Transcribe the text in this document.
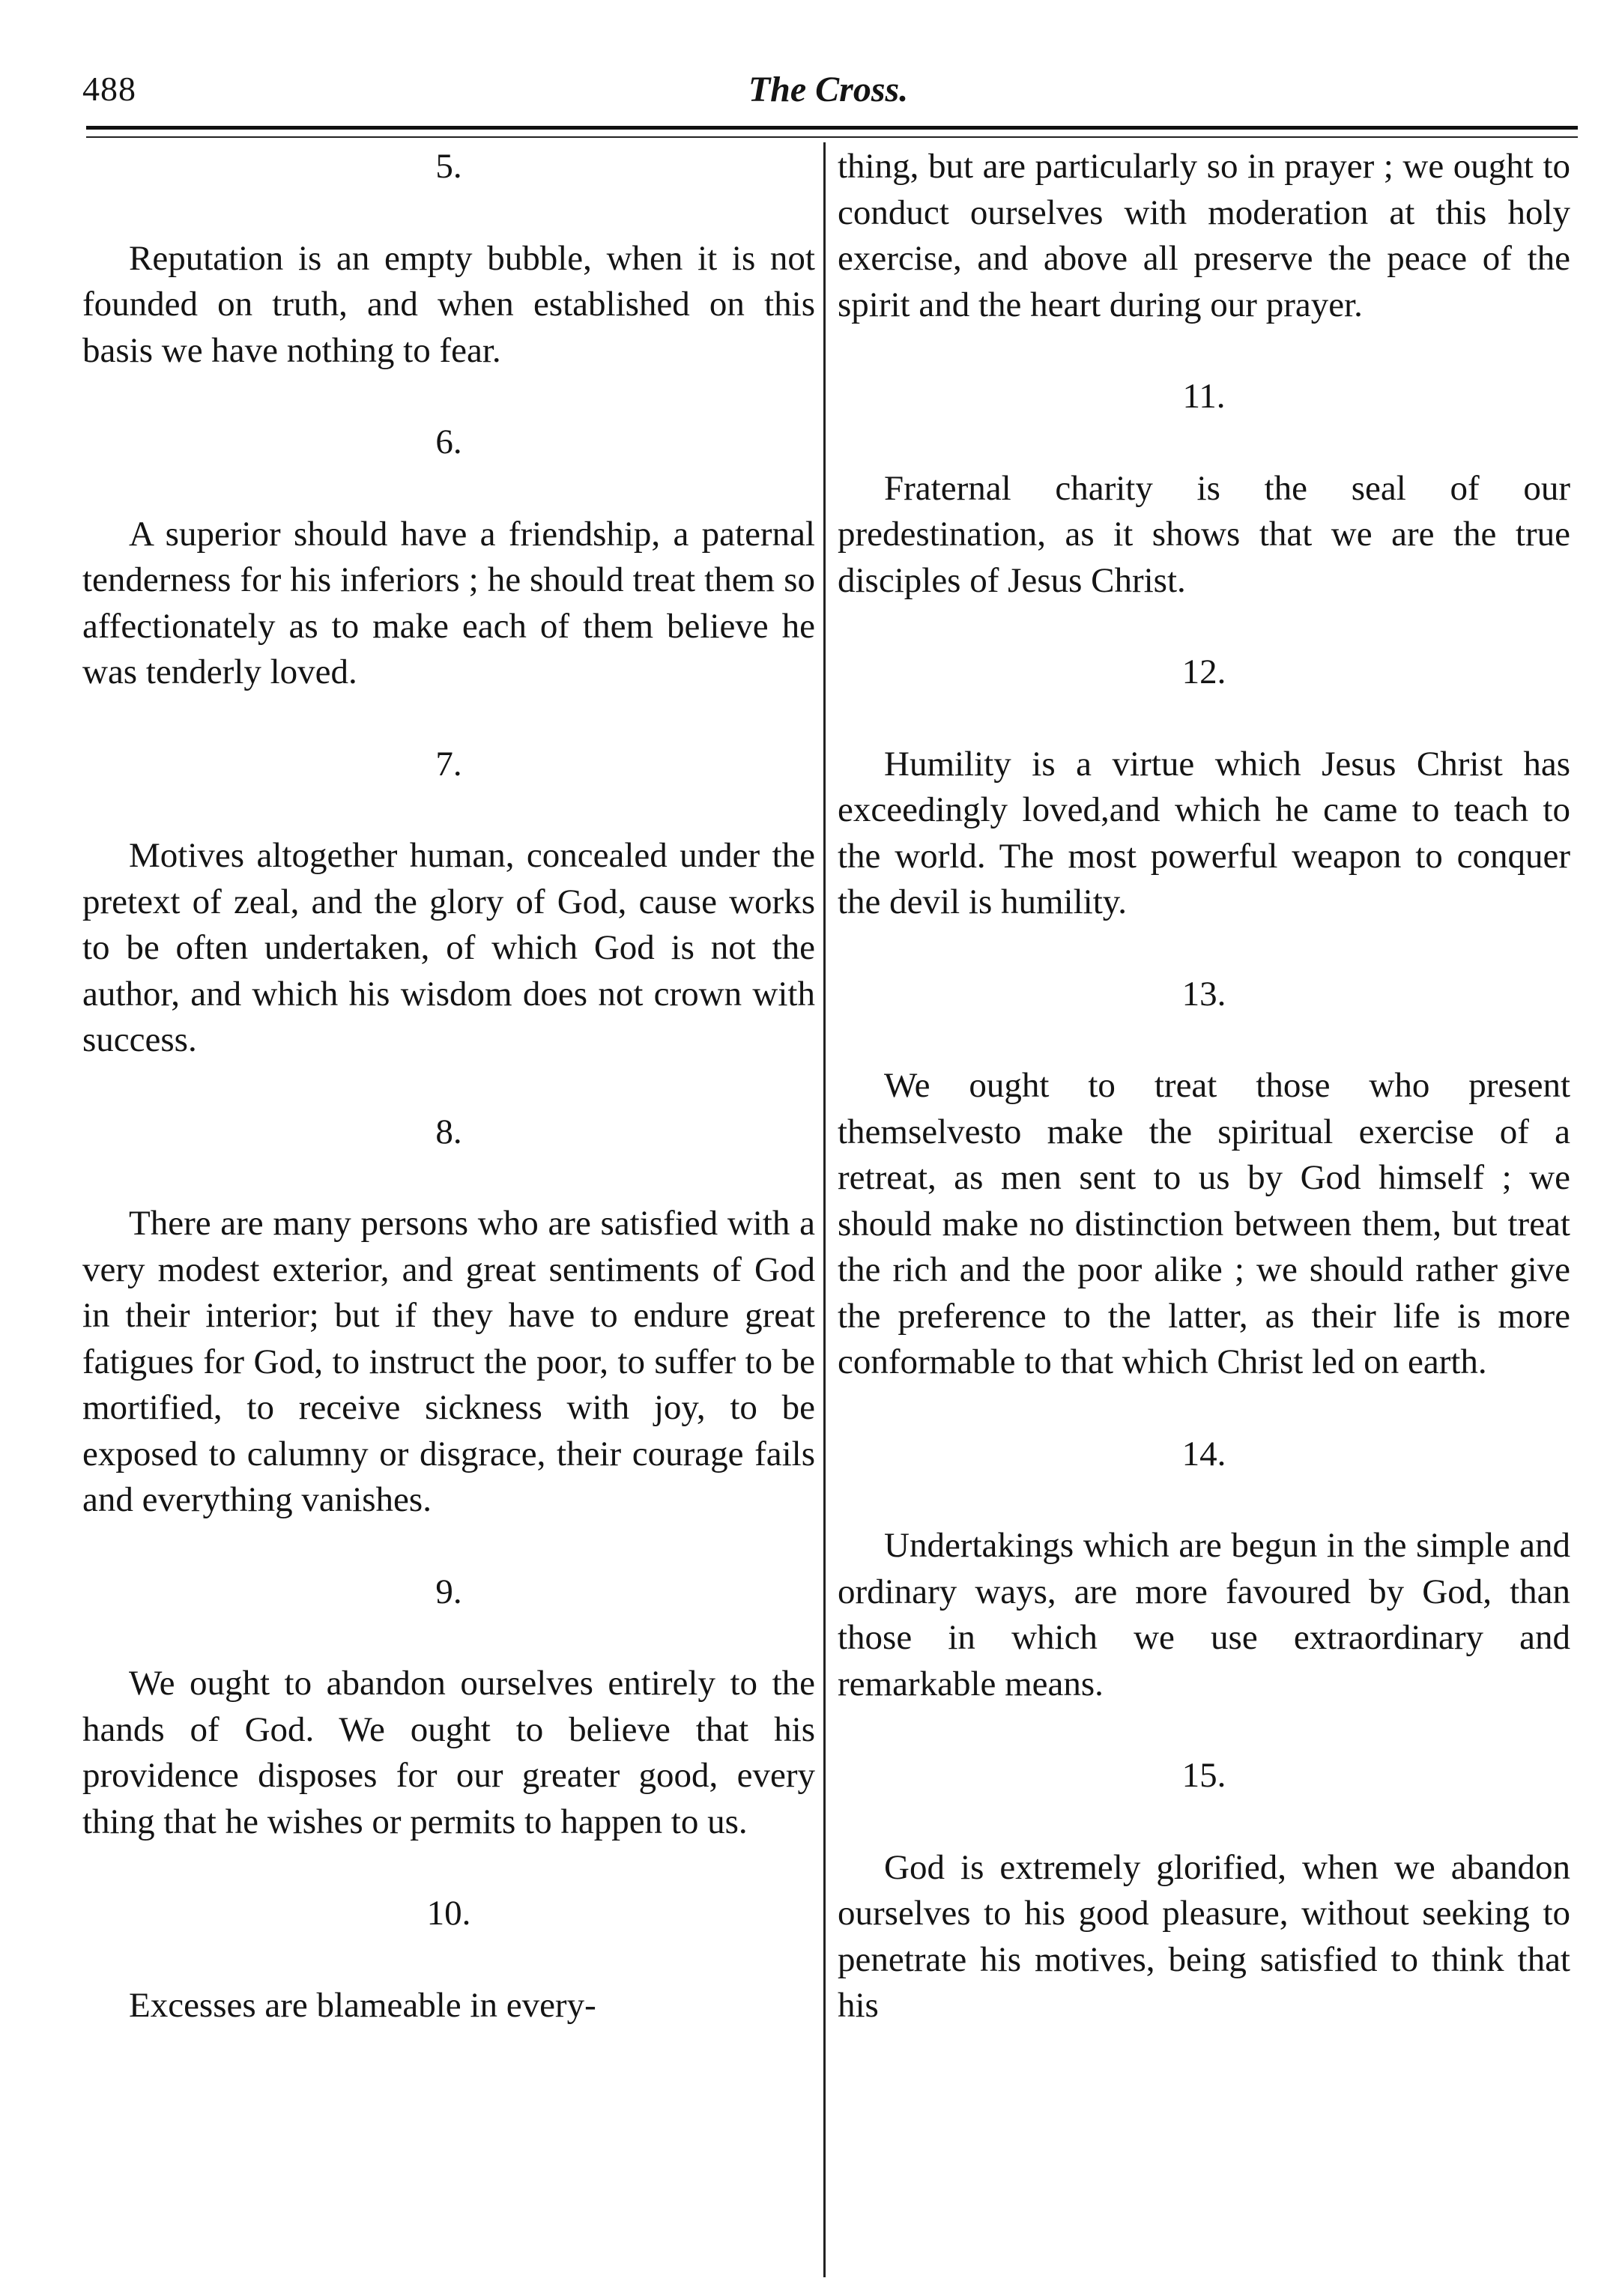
488	The Cross.
5.

Reputation is an empty bubble, when it is not founded on truth, and when established on this basis we have nothing to fear.

6.

A superior should have a friendship, a paternal tenderness for his inferiors ; he should treat them so affectionately as to make each of them believe he was tenderly loved.

7.

Motives altogether human, concealed under the pretext of zeal, and the glory of God, cause works to be often undertaken, of which God is not the author, and which his wisdom does not crown with success.

8.

There are many persons who are satisfied with a very modest exterior, and great sentiments of God in their interior; but if they have to endure great fatigues for God, to instruct the poor, to suffer to be mortified, to receive sickness with joy, to be exposed to calumny or disgrace, their courage fails and everything vanishes.

9.

We ought to abandon ourselves entirely to the hands of God. We ought to believe that his providence disposes for our greater good, every thing that he wishes or permits to happen to us.

10.

Excesses are blameable in every-

thing, but are particularly so in prayer ; we ought to conduct ourselves with moderation at this holy exercise, and above all preserve the peace of the spirit and the heart during our prayer.

11.

Fraternal charity is the seal of our predestination, as it shows that we are the true disciples of Jesus Christ.

12.

Humility is a virtue which Jesus Christ has exceedingly loved,and which he came to teach to the world. The most powerful weapon to conquer the devil is humility.

13.

We ought to treat those who present themselvesto make the spiritual exercise of a retreat, as men sent to us by God himself ; we should make no distinction between them, but treat the rich and the poor alike ; we should rather give the preference to the latter, as their life is more conformable to that which Christ led on earth.

14.

Undertakings which are begun in the simple and ordinary ways, are more favoured by God, than those in which we use extraordinary and remarkable means.

15.

God is extremely glorified, when we abandon ourselves to his good pleasure, without seeking to penetrate his motives, being satisfied to think that his
